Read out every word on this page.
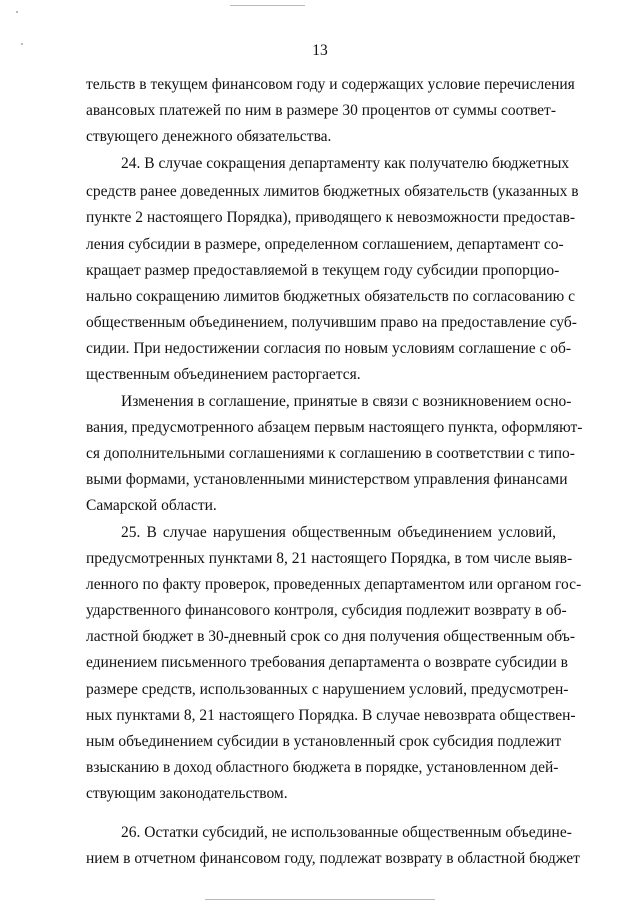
13
тельств в текущем финансовом году и содержащих условие перечисления
авансовых платежей по ним в размере 30 процентов от суммы соответ-
ствующего денежного обязательства.
24. В случае сокращения департаменту как получателю бюджетных
средств ранее доведенных лимитов бюджетных обязательств (указанных в
пункте 2 настоящего Порядка), приводящего к невозможности предостав-
ления субсидии в размере, определенном соглашением, департамент со-
кращает размер предоставляемой в текущем году субсидии пропорцио-
нально сокращению лимитов бюджетных обязательств по согласованию с
общественным объединением, получившим право на предоставление суб-
сидии. При недостижении согласия по новым условиям соглашение с об-
щественным объединением расторгается.
Изменения в соглашение, принятые в связи с возникновением осно-
вания, предусмотренного абзацем первым настоящего пункта, оформляют-
ся дополнительными соглашениями к соглашению в соответствии с типо-
выми формами, установленными министерством управления финансами
Самарской области.
25. В случае нарушения общественным объединением условий,
предусмотренных пунктами 8, 21 настоящего Порядка, в том числе выяв-
ленного по факту проверок, проведенных департаментом или органом гос-
ударственного финансового контроля, субсидия подлежит возврату в об-
ластной бюджет в 30-дневный срок со дня получения общественным объ-
единением письменного требования департамента о возврате субсидии в
размере средств, использованных с нарушением условий, предусмотрен-
ных пунктами 8, 21 настоящего Порядка. В случае невозврата обществен-
ным объединением субсидии в установленный срок субсидия подлежит
взысканию в доход областного бюджета в порядке, установленном дей-
ствующим законодательством.
26. Остатки субсидий, не использованные общественным объедине-
нием в отчетном финансовом году, подлежат возврату в областной бюджет
